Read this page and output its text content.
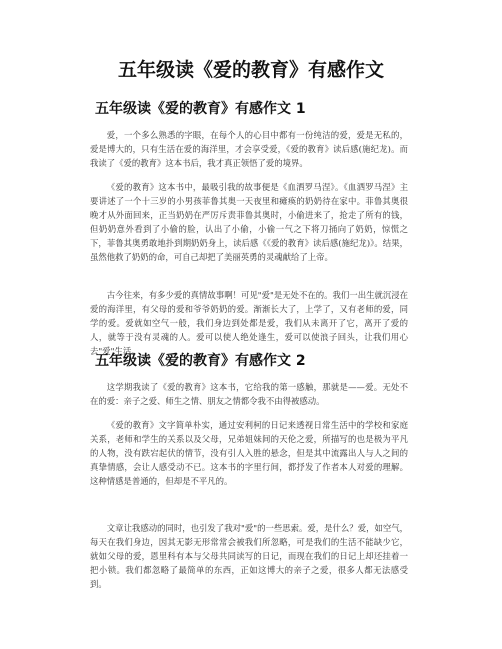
五年级读《爱的教育》有感作文
五年级读《爱的教育》有感作文 1

爱，一个多么熟悉的字眼，在每个人的心目中都有一份纯洁的爱，爱是无私的，爱是博大的，只有生活在爱的海洋里，才会享受爱，《爱的教育》读后感(施纪龙)。而我读了《爱的教育》这本书后，我才真正领悟了爱的境界。

《爱的教育》这本书中，最吸引我的故事便是《血洒罗马涅》。《血洒罗马涅》主要讲述了一个十三岁的小男孩菲鲁其奥一天夜里和瘫痪的奶奶待在家中。菲鲁其奥很晚才从外面回来，正当奶奶在严厉斥责菲鲁其奥时，小偷进来了，抢走了所有的钱，但奶奶意外看到了小偷的脸，认出了小偷，小偷一气之下将刀捅向了奶奶，惊慌之下，菲鲁其奥勇敢地扑到期奶奶身上，读后感《《爱的教育》读后感(施纪龙)》。结果，虽然他救了奶奶的命，可自己却把了美丽英勇的灵魂献给了上帝。

古今往来，有多少爱的真情故事啊！可见"爱"是无处不在的。我们一出生就沉浸在爱的海洋里，有父母的爱和爷爷奶奶的爱。渐渐长大了，上学了，又有老师的爱，同学的爱。爱就如空气一般，我们身边到处都是爱，我们从未离开了它，离开了爱的人，就等于没有灵魂的人。爱可以使人绝处逢生，爱可以使浪子回头，让我们用心去"爱"生活。

五年级读《爱的教育》有感作文 2

这学期我读了《爱的教育》这本书，它给我的第一感触，那就是——爱。无处不在的爱：亲子之爱、师生之情、朋友之情都令我不由得被感动。

《爱的教育》文字简单朴实，通过安利柯的日记来透视日常生活中的学校和家庭关系，老师和学生的关系以及父母，兄弟姐妹间的天伦之爱，所描写的也是极为平凡的人物，没有跌宕起伏的情节，没有引人入胜的悬念，但是其中流露出人与人之间的真挚情感，会让人感受动不已。这本书的字里行间，都抒发了作者本人对爱的理解。这种情感是普通的，但却是不平凡的。

文章让我感动的同时，也引发了我对"爱"的一些思索。爱，是什么？爱，如空气，每天在我们身边，因其无影无形常常会被我们所忽略，可是我们的生活不能缺少它，就如父母的爱，恩里科有本与父母共同读写的日记，而现在我们的日记上却还挂着一把小锁。我们都忽略了最简单的东西，正如这博大的亲子之爱，很多人都无法感受到。
